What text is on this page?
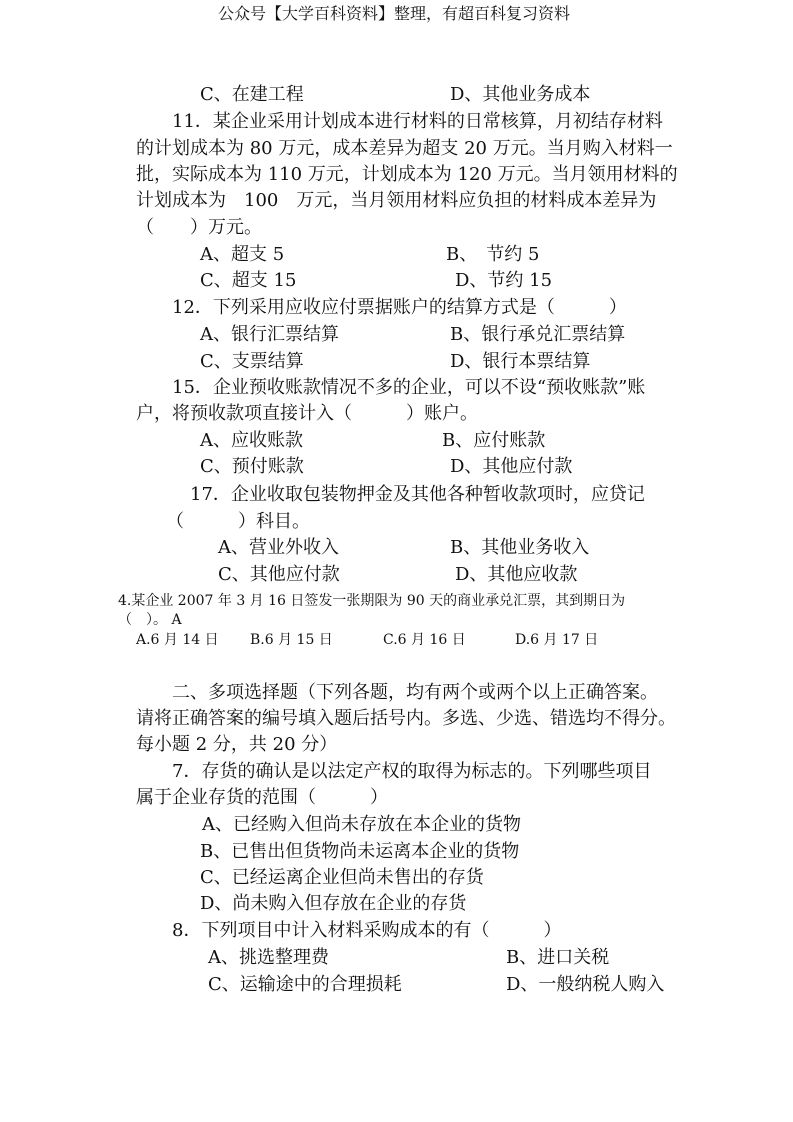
公众号【大学百科资料】整理，有超百科复习资料
C、在建工程	D、其他业务成本
11．某企业采用计划成本进行材料的日常核算，月初结存材料
的计划成本为 80 万元，成本差异为超支 20 万元。当月购入材料一
批，实际成本为 110 万元，计划成本为 120 万元。当月领用材料的
计划成本为　100　万元，当月领用材料应负担的材料成本差异为
（　　）万元。
A、超支 5	B、　节约 5
C、超支 15	D、节约 15
12．下列采用应收应付票据账户的结算方式是（　　　）
A、银行汇票结算	B、银行承兑汇票结算
C、支票结算	D、银行本票结算
15．企业预收账款情况不多的企业，可以不设“预收账款”账
户，将预收款项直接计入（　　　）账户。
A、应收账款	B、应付账款
C、预付账款	D、其他应付款
17．企业收取包装物押金及其他各种暂收款项时，应贷记
（　　　）科目。
A、营业外收入	B、其他业务收入
C、其他应付款	D、其他应收款
4.某企业 2007 年 3 月 16 日签发一张期限为 90 天的商业承兑汇票，其到期日为
（　）。 A
A.6 月 14 日 B.6 月 15 日	C.6 月 16 日	D.6 月 17 日
二、多项选择题（下列各题，均有两个或两个以上正确答案。
请将正确答案的编号填入题后括号内。多选、少选、错选均不得分。
每小题 2 分，共 20 分）
7．存货的确认是以法定产权的取得为标志的。下列哪些项目
属于企业存货的范围（　　　）
A、已经购入但尚未存放在本企业的货物
B、已售出但货物尚未运离本企业的货物
C、已经运离企业但尚未售出的存货
D、尚未购入但存放在企业的存货
8．下列项目中计入材料采购成本的有（　　　）
A、挑选整理费	B、进口关税
C、运输途中的合理损耗	D、一般纳税人购入
